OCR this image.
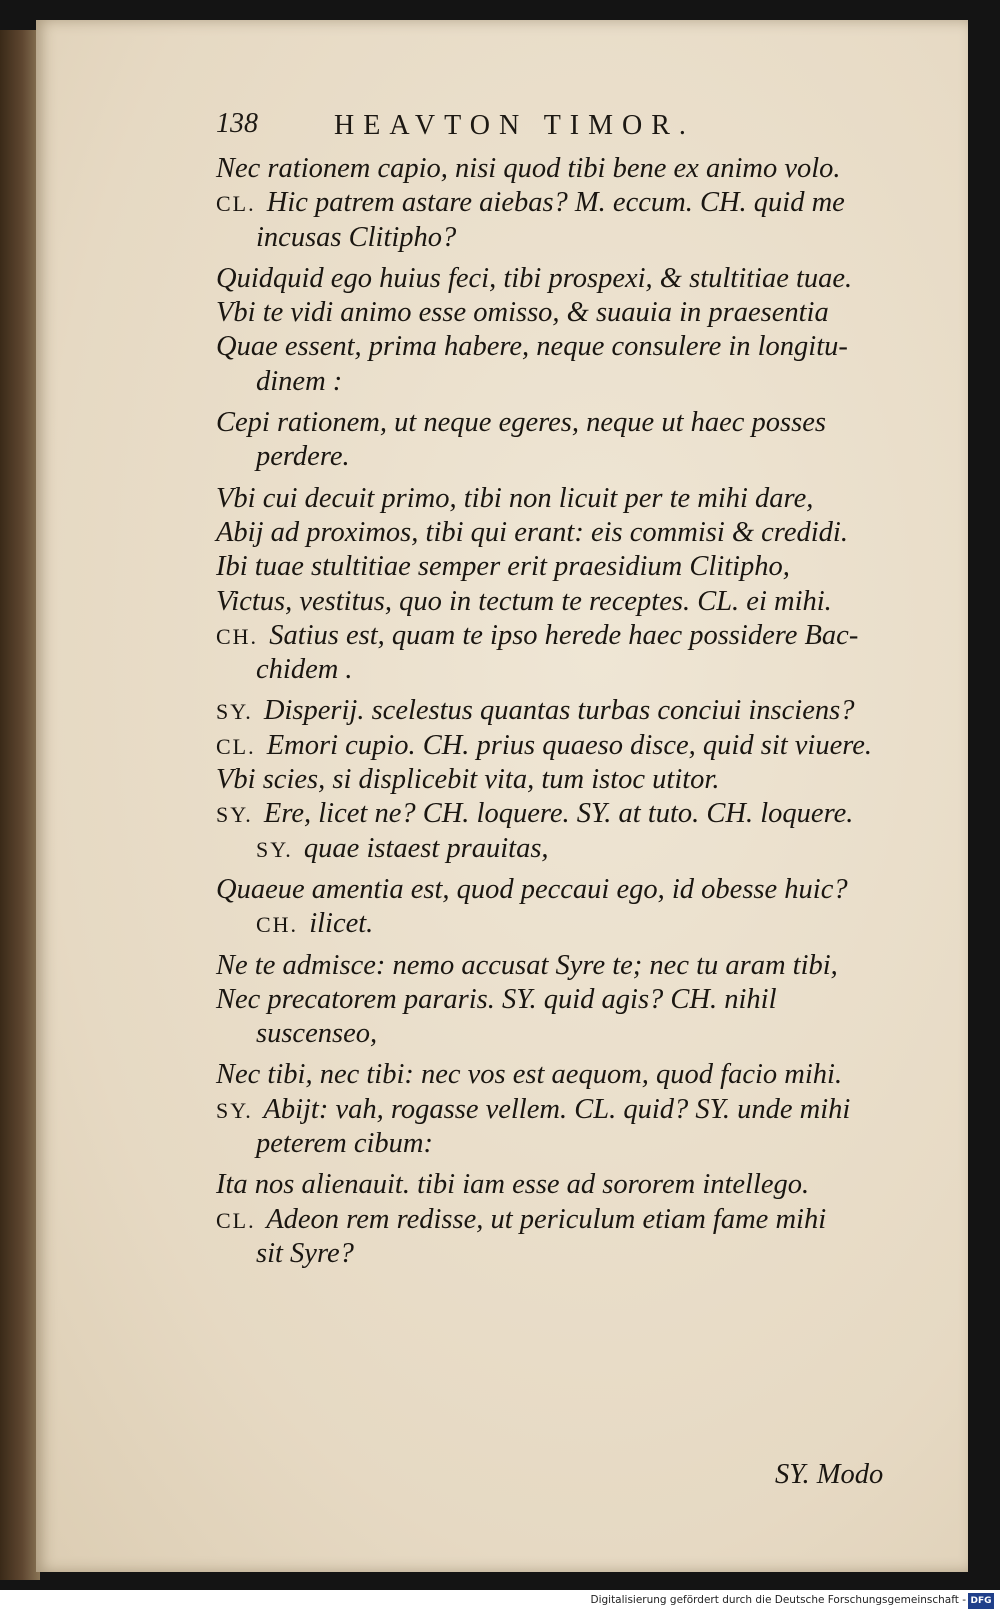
138	HEAVTON TIMOR.
Nec rationem capio, nisi quod tibi bene ex animo volo.
CL. Hic patrem astare aiebas? M. eccum. CH. quid me
incusas Clitipho?
Quidquid ego huius feci, tibi prospexi, & stultitiae tuae.
Vbi te vidi animo esse omisso, & suauia in praesentia
Quae essent, prima habere, neque consulere in longitu-
dinem :
Cepi rationem, ut neque egeres, neque ut haec posses
perdere.
Vbi cui decuit primo, tibi non licuit per te mihi dare,
Abij ad proximos, tibi qui erant: eis commisi & credidi.
Ibi tuae stultitiae semper erit praesidium Clitipho,
Victus, vestitus, quo in tectum te receptes. CL. ei mihi.
CH. Satius est, quam te ipso herede haec possidere Bac-
chidem .
SY. Disperij. scelestus quantas turbas conciui insciens?
CL. Emori cupio. CH. prius quaeso disce, quid sit viuere.
Vbi scies, si displicebit vita, tum istoc utitor.
SY. Ere, licet ne? CH. loquere. SY. at tuto. CH. loquere.
SY. quae istaest prauitas,
Quaeue amentia est, quod peccaui ego, id obesse huic?
CH. ilicet.
Ne te admisce: nemo accusat Syre te; nec tu aram tibi,
Nec precatorem pararis. SY. quid agis? CH. nihil
suscenseo,
Nec tibi, nec tibi: nec vos est aequom, quod facio mihi.
SY. Abijt: vah, rogasse vellem. CL. quid? SY. unde mihi
peterem cibum:
Ita nos alienauit. tibi iam esse ad sororem intellego.
CL. Adeon rem redisse, ut periculum etiam fame mihi
sit Syre?
SY. Modo
Digitalisierung gefördert durch die Deutsche Forschungsgemeinschaft - DFG
